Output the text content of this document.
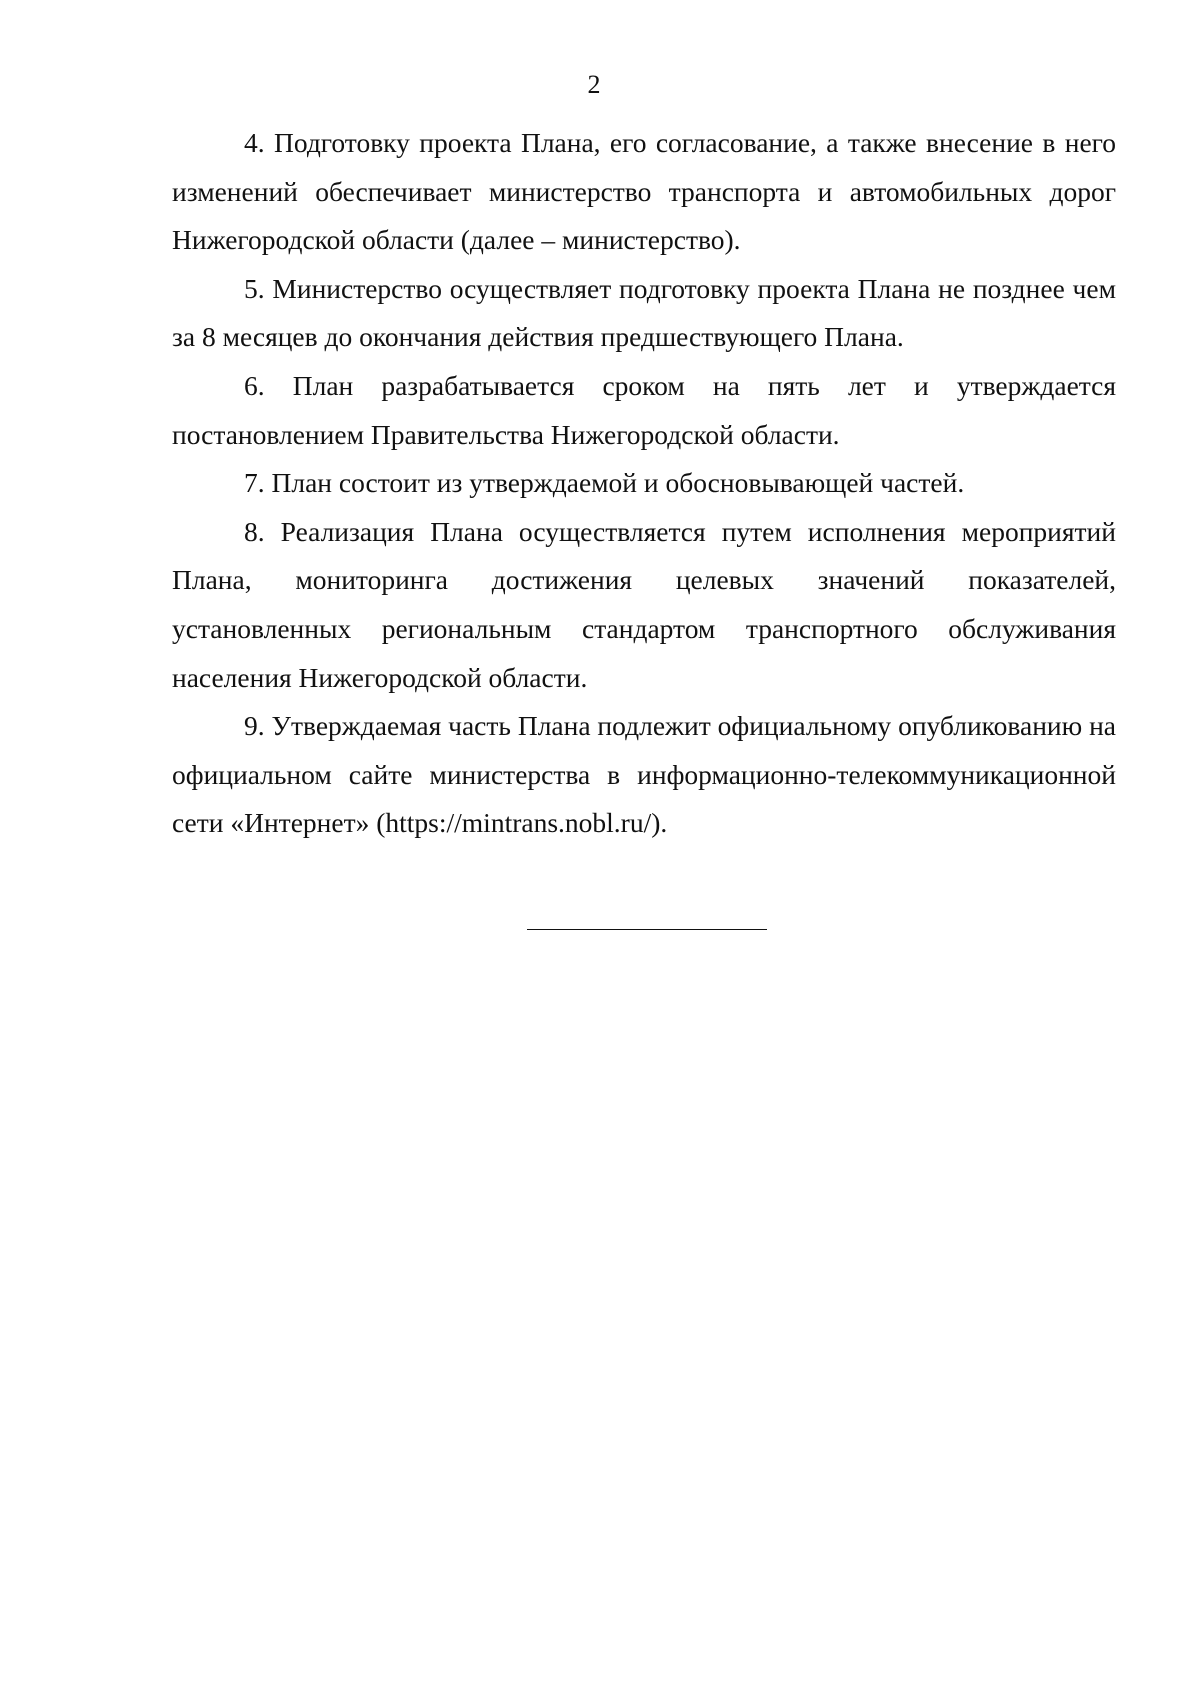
2

4. Подготовку проекта Плана, его согласование, а также внесение в него изменений обеспечивает министерство транспорта и автомобильных дорог Нижегородской области (далее – министерство).

5. Министерство осуществляет подготовку проекта Плана не позднее чем за 8 месяцев до окончания действия предшествующего Плана.

6. План разрабатывается сроком на пять лет и утверждается постановлением Правительства Нижегородской области.

7. План состоит из утверждаемой и обосновывающей частей.

8. Реализация Плана осуществляется путем исполнения мероприятий Плана, мониторинга достижения целевых значений показателей, установленных региональным стандартом транспортного обслуживания населения Нижегородской области.

9. Утверждаемая часть Плана подлежит официальному опубликованию на официальном сайте министерства в информационно-телекоммуникационной сети «Интернет» (https://mintrans.nobl.ru/).
